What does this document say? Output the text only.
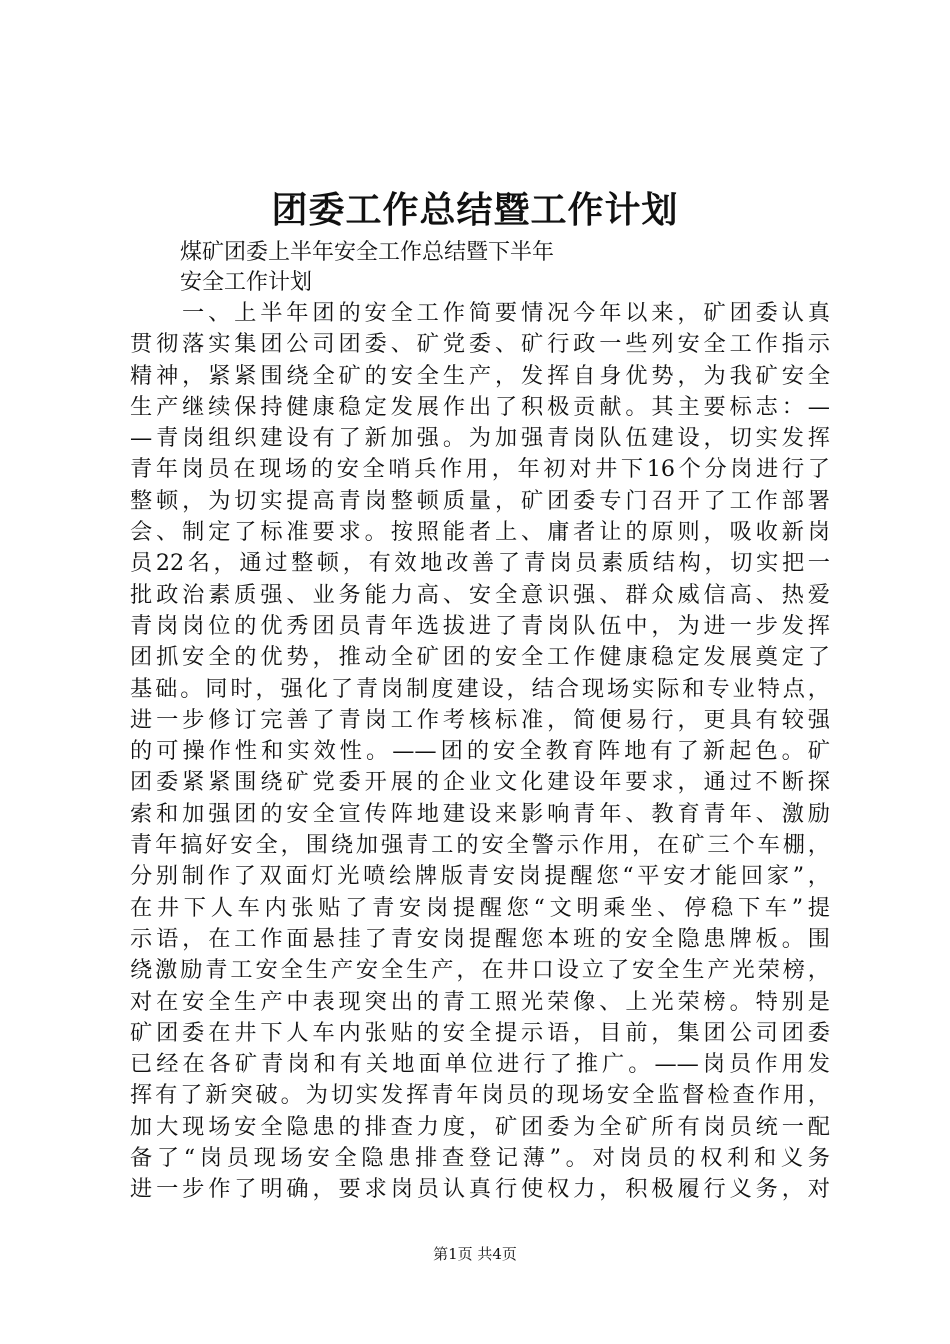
团委工作总结暨工作计划
煤矿团委上半年安全工作总结暨下半年
安全工作计划
一、上半年团的安全工作简要情况今年以来，矿团委认真
贯彻落实集团公司团委、矿党委、矿行政一些列安全工作指示
精神，紧紧围绕全矿的安全生产，发挥自身优势，为我矿安全
生产继续保持健康稳定发展作出了积极贡献。其主要标志：—
—青岗组织建设有了新加强。为加强青岗队伍建设，切实发挥
青年岗员在现场的安全哨兵作用，年初对井下16个分岗进行了
整顿，为切实提高青岗整顿质量，矿团委专门召开了工作部署
会、制定了标准要求。按照能者上、庸者让的原则，吸收新岗
员22名，通过整顿，有效地改善了青岗员素质结构，切实把一
批政治素质强、业务能力高、安全意识强、群众威信高、热爱
青岗岗位的优秀团员青年选拔进了青岗队伍中，为进一步发挥
团抓安全的优势，推动全矿团的安全工作健康稳定发展奠定了
基础。同时，强化了青岗制度建设，结合现场实际和专业特点，
进一步修订完善了青岗工作考核标准，简便易行，更具有较强
的可操作性和实效性。——团的安全教育阵地有了新起色。矿
团委紧紧围绕矿党委开展的企业文化建设年要求，通过不断探
索和加强团的安全宣传阵地建设来影响青年、教育青年、激励
青年搞好安全，围绕加强青工的安全警示作用，在矿三个车棚，
分别制作了双面灯光喷绘牌版青安岗提醒您“平安才能回家”，
在井下人车内张贴了青安岗提醒您“文明乘坐、停稳下车”提
示语，在工作面悬挂了青安岗提醒您本班的安全隐患牌板。围
绕激励青工安全生产安全生产，在井口设立了安全生产光荣榜，
对在安全生产中表现突出的青工照光荣像、上光荣榜。特别是
矿团委在井下人车内张贴的安全提示语，目前，集团公司团委
已经在各矿青岗和有关地面单位进行了推广。——岗员作用发
挥有了新突破。为切实发挥青年岗员的现场安全监督检查作用，
加大现场安全隐患的排查力度，矿团委为全矿所有岗员统一配
备了“岗员现场安全隐患排查登记薄”。对岗员的权利和义务
进一步作了明确，要求岗员认真行使权力，积极履行义务，对
第1页 共4页
